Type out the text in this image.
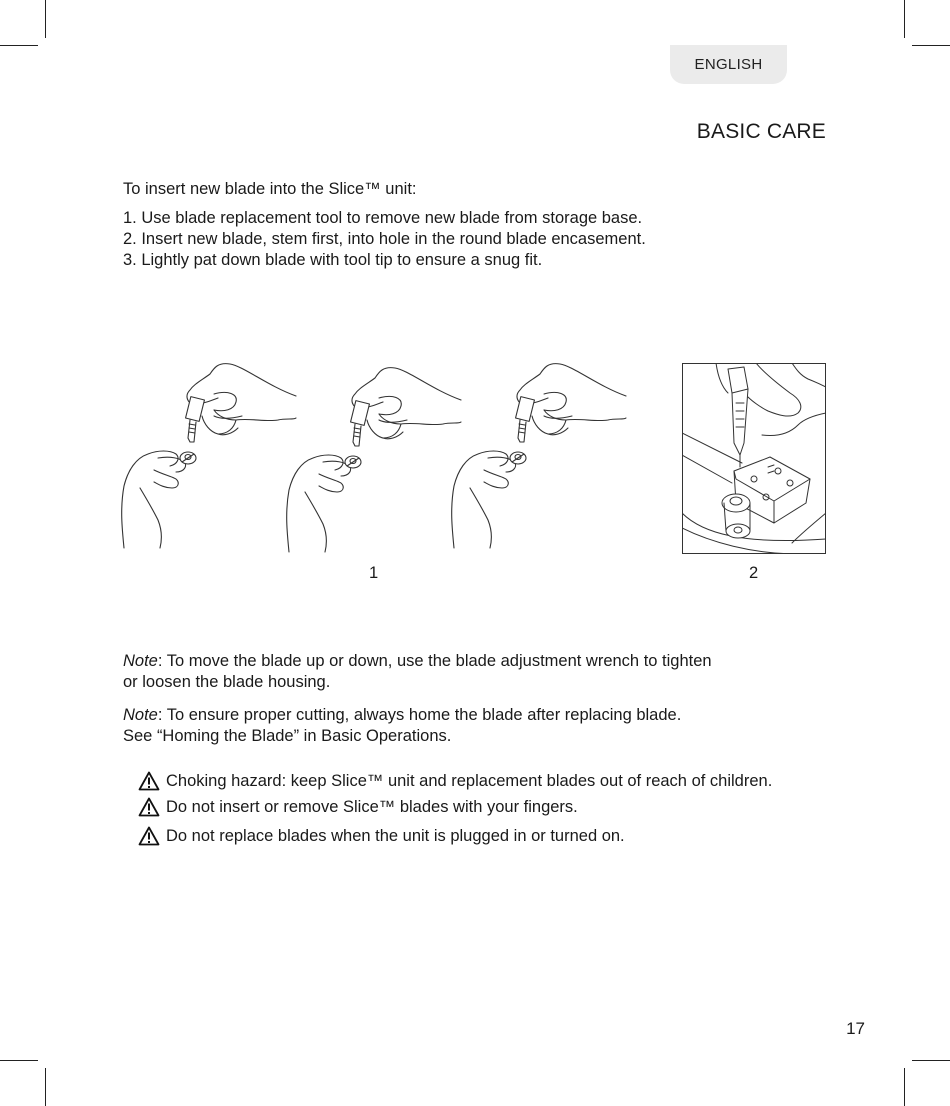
ENGLISH
BASIC CARE
To insert new blade into the Slice™ unit:
1. Use blade replacement tool to remove new blade from storage base.
2. Insert new blade, stem first, into hole in the round blade encasement.
3. Lightly pat down blade with tool tip to ensure a snug fit.
1	2
Note: To move the blade up or down, use the blade adjustment wrench to tighten
or loosen the blade housing.
Note: To ensure proper cutting, always home the blade after replacing blade.
See “Homing the Blade” in Basic Operations.
Choking hazard: keep Slice™ unit and replacement blades out of reach of children.
Do not insert or remove Slice™ blades with your fingers.
Do not replace blades when the unit is plugged in or turned on.
17
